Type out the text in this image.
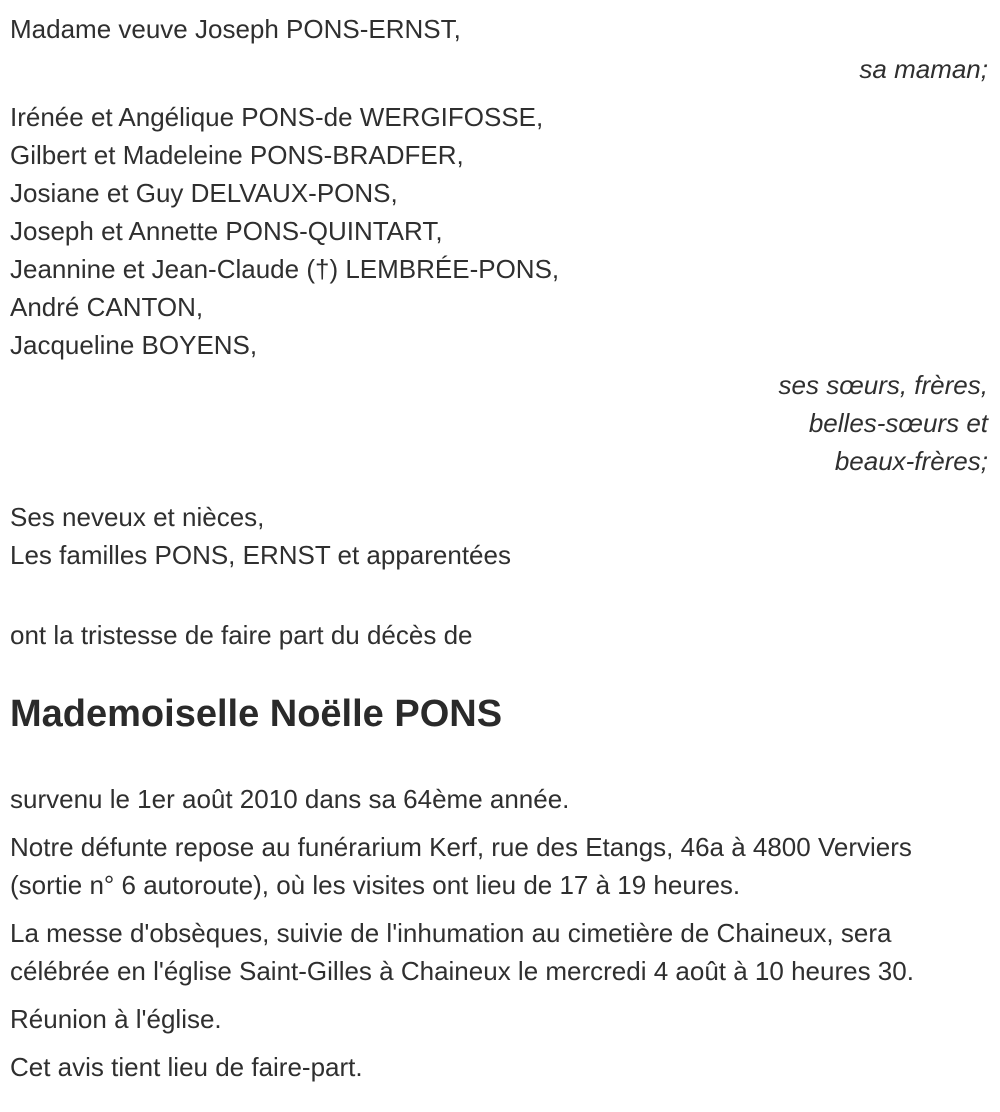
Madame veuve Joseph PONS-ERNST,
sa maman;
Irénée et Angélique PONS-de WERGIFOSSE,
Gilbert et Madeleine PONS-BRADFER,
Josiane et Guy DELVAUX-PONS,
Joseph et Annette PONS-QUINTART,
Jeannine et Jean-Claude (†) LEMBRÉE-PONS,
André CANTON,
Jacqueline BOYENS,
ses sœurs, frères,
belles-sœurs et
beaux-frères;
Ses neveux et nièces,
Les familles PONS, ERNST et apparentées
ont la tristesse de faire part du décès de
Mademoiselle Noëlle PONS

survenu le 1er août 2010 dans sa 64ème année.

Notre défunte repose au funérarium Kerf, rue des Etangs, 46a à 4800 Verviers (sortie n° 6 autoroute), où les visites ont lieu de 17 à 19 heures.

La messe d'obsèques, suivie de l'inhumation au cimetière de Chaineux, sera célébrée en l'église Saint-Gilles à Chaineux le mercredi 4 août à 10 heures 30.

Réunion à l'église.

Cet avis tient lieu de faire-part.
